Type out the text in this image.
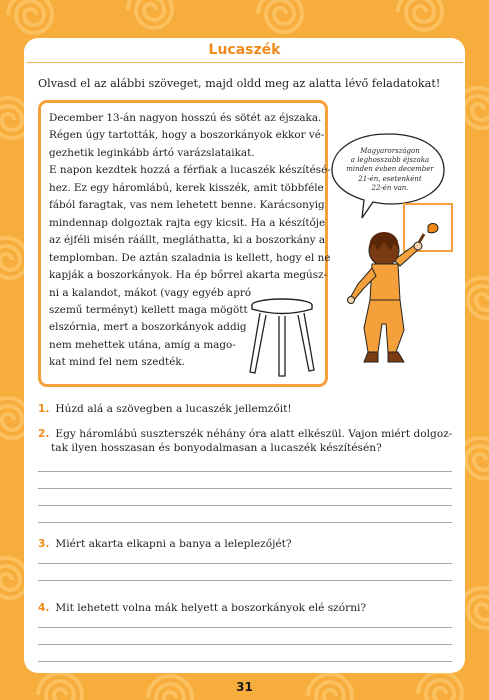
Lucaszék
Olvasd el az alábbi szöveget, majd oldd meg az alatta lévő feladatokat!
December 13-án nagyon hosszú és sötét az éjszaka.
Régen úgy tartották, hogy a boszorkányok ekkor vé-
gezhetik leginkább ártó varázslataikat.
E napon kezdtek hozzá a férfiak a lucaszék készítésé-
hez. Ez egy háromlábú, kerek kisszék, amit többféle
fából faragtak, vas nem lehetett benne. Karácsonyig
mindennap dolgoztak rajta egy kicsit. Ha a készítője
az éjféli misén ráállt, megláthatta, ki a boszorkány a
templomban. De aztán szaladnia is kellett, hogy el ne
kapják a boszorkányok. Ha ép bőrrel akarta megúsz-
ni a kalandot, mákot (vagy egyéb apró
szemű terményt) kellett maga mögött
elszórnia, mert a boszorkányok addig
nem mehettek utána, amíg a mago-
kat mind fel nem szedték.
Magyarországon
a leghosszabb éjszaka
minden évben december
21-én, esetenként
22-én van.
1. Húzd alá a szövegben a lucaszék jellemzőit!
2. Egy háromlábú suszterszék néhány óra alatt elkészül. Vajon miért dolgoz-
tak ilyen hosszasan és bonyodalmasan a lucaszék készítésén?
3. Miért akarta elkapni a banya a leleplezőjét?
4. Mit lehetett volna mák helyett a boszorkányok elé szórni?
31
